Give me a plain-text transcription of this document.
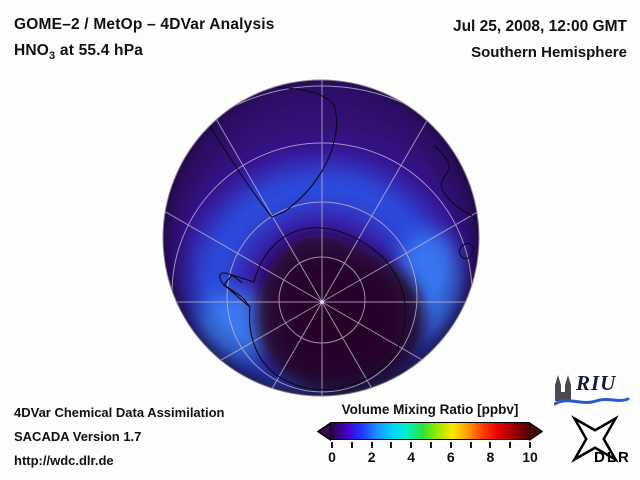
GOME–2 / MetOp – 4DVar Analysis
$HNO_3$ at 55.4 hPa
Jul 25, 2008, 12:00 GMT
Southern Hemisphere
4DVar Chemical Data Assimilation
SACADA Version 1.7
http://wdc.dlr.de
Volume Mixing Ratio [ppbv]
0 2 4 6 8 10
RIU
DLR
